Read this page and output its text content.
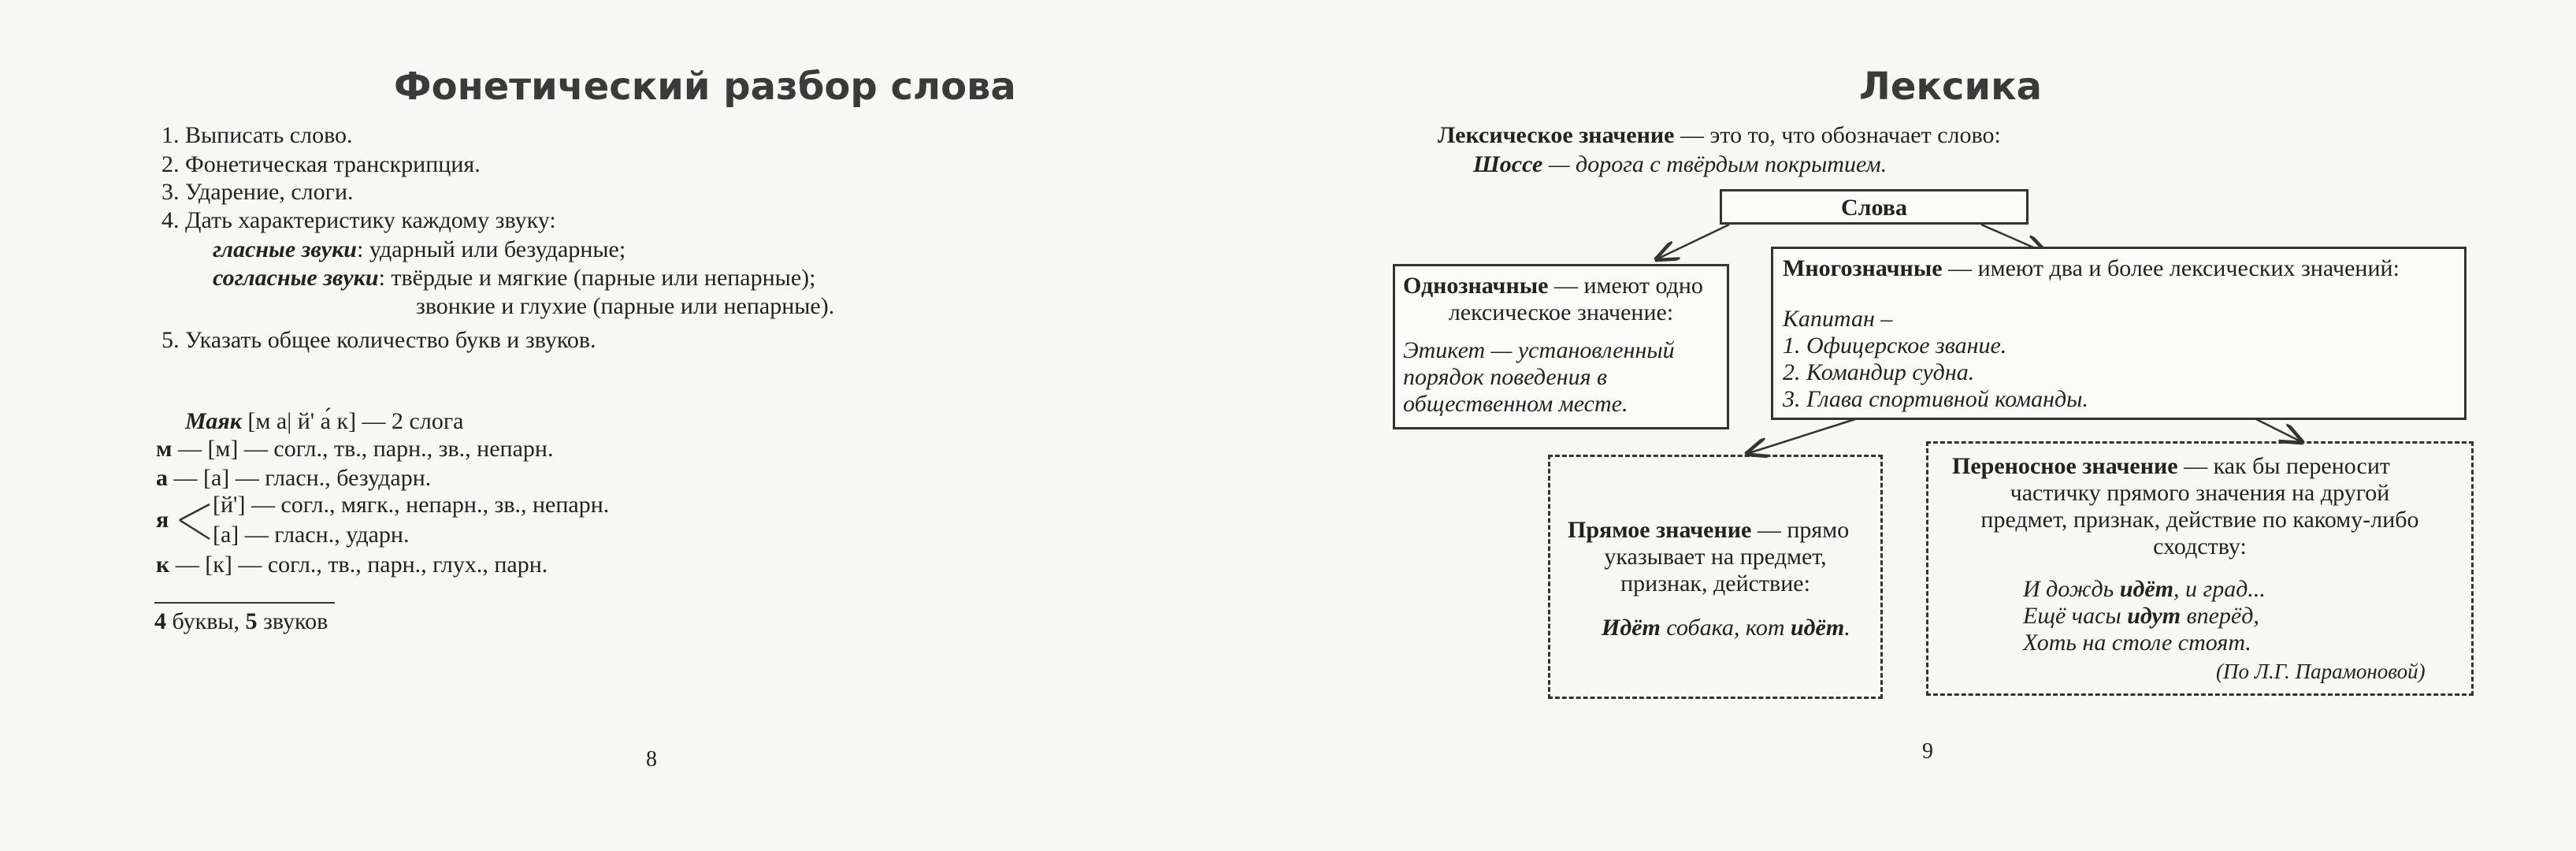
Фонетический разбор слова
1. Выписать слово.
2. Фонетическая транскрипция.
3. Ударение, слоги.
4. Дать характеристику каждому звуку:
гласные звуки: ударный или безударные;
согласные звуки: твёрдые и мягкие (парные или непарные);
звонкие и глухие (парные или непарные).
5. Указать общее количество букв и звуков.
Маяк [м а| й' а́ к] — 2 слога
м — [м] — согл., тв., парн., зв., непарн.
а — [а] — гласн., безударн.
я
[й'] — согл., мягк., непарн., зв., непарн.
[а] — гласн., ударн.
к — [к] — согл., тв., парн., глух., парн.
4 буквы, 5 звуков
8
Лексика
Лексическое значение — это то, что обозначает слово:
Шоссе — дорога с твёрдым покрытием.
Слова
Однозначные — имеют одно
лексическое значение:
Этикет — установленный
порядок поведения в
общественном месте.
Многозначные — имеют два и более лексических значений:
Капитан –
1. Офицерское звание.
2. Командир судна.
3. Глава спортивной команды.
Прямое значение — прямо
указывает на предмет,
признак, действие:
Идёт собака, кот идёт.
Переносное значение — как бы переносит
частичку прямого значения на другой
предмет, признак, действие по какому-либо
сходству:
И дождь идёт, и град...
Ещё часы идут вперёд,
Хоть на столе стоят.
(По Л.Г. Парамоновой)
9
